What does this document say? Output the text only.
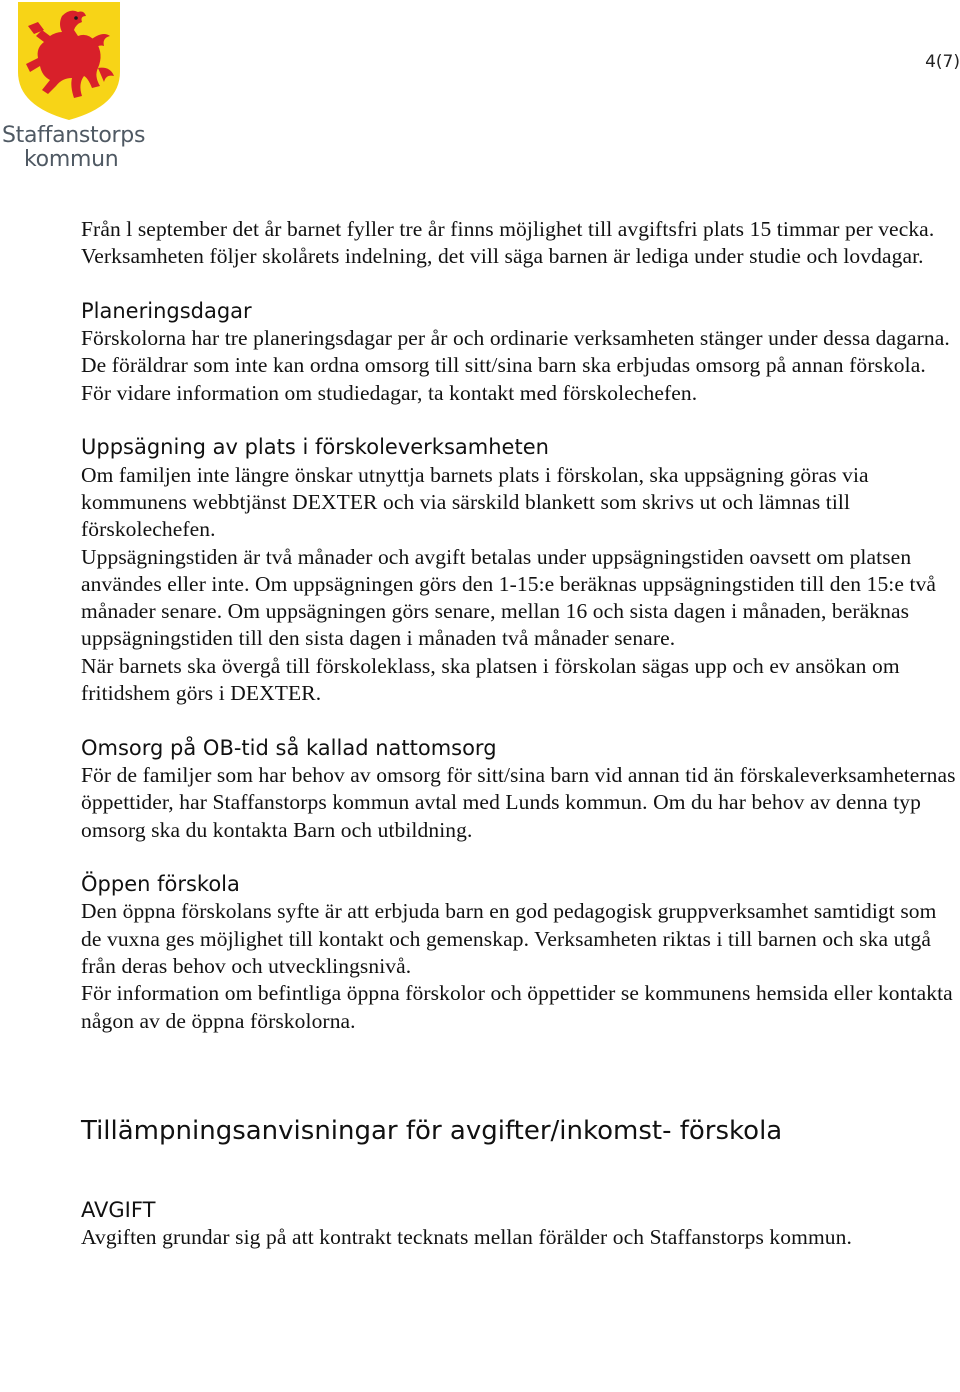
Staffanstorps
kommun
4(7)

Från l september det år barnet fyller tre år finns möjlighet till avgiftsfri plats 15 timmar per vecka. Verksamheten följer skolårets indelning, det vill säga barnen är lediga under studie och lovdagar.

Planeringsdagar

Förskolorna har tre planeringsdagar per år och ordinarie verksamheten stänger under dessa dagarna. De föräldrar som inte kan ordna omsorg till sitt/sina barn ska erbjudas omsorg på annan förskola. För vidare information om studiedagar, ta kontakt med förskolechefen.

Uppsägning av plats i förskoleverksamheten

Om familjen inte längre önskar utnyttja barnets plats i förskolan, ska uppsägning göras via kommunens webbtjänst DEXTER och via särskild blankett som skrivs ut och lämnas till förskolechefen.

Uppsägningstiden är två månader och avgift betalas under uppsägningstiden oavsett om platsen användes eller inte. Om uppsägningen görs den 1-15:e beräknas uppsägningstiden till den 15:e två månader senare. Om uppsägningen görs senare, mellan 16 och sista dagen i månaden, beräknas uppsägningstiden till den sista dagen i månaden två månader senare.

När barnets ska övergå till förskoleklass, ska platsen i förskolan sägas upp och ev ansökan om fritidshem görs i DEXTER.

Omsorg på OB-tid så kallad nattomsorg

För de familjer som har behov av omsorg för sitt/sina barn vid annan tid än förskaleverksamheternas öppettider, har Staffanstorps kommun avtal med Lunds kommun. Om du har behov av denna typ omsorg ska du kontakta Barn och utbildning.

Öppen förskola

Den öppna förskolans syfte är att erbjuda barn en god pedagogisk gruppverksamhet samtidigt som de vuxna ges möjlighet till kontakt och gemenskap. Verksamheten riktas i till barnen och ska utgå från deras behov och utvecklingsnivå.

För information om befintliga öppna förskolor och öppettider se kommunens hemsida eller kontakta någon av de öppna förskolorna.

Tillämpningsanvisningar för avgifter/inkomst- förskola
AVGIFT

Avgiften grundar sig på att kontrakt tecknats mellan förälder och Staffanstorps kommun.
